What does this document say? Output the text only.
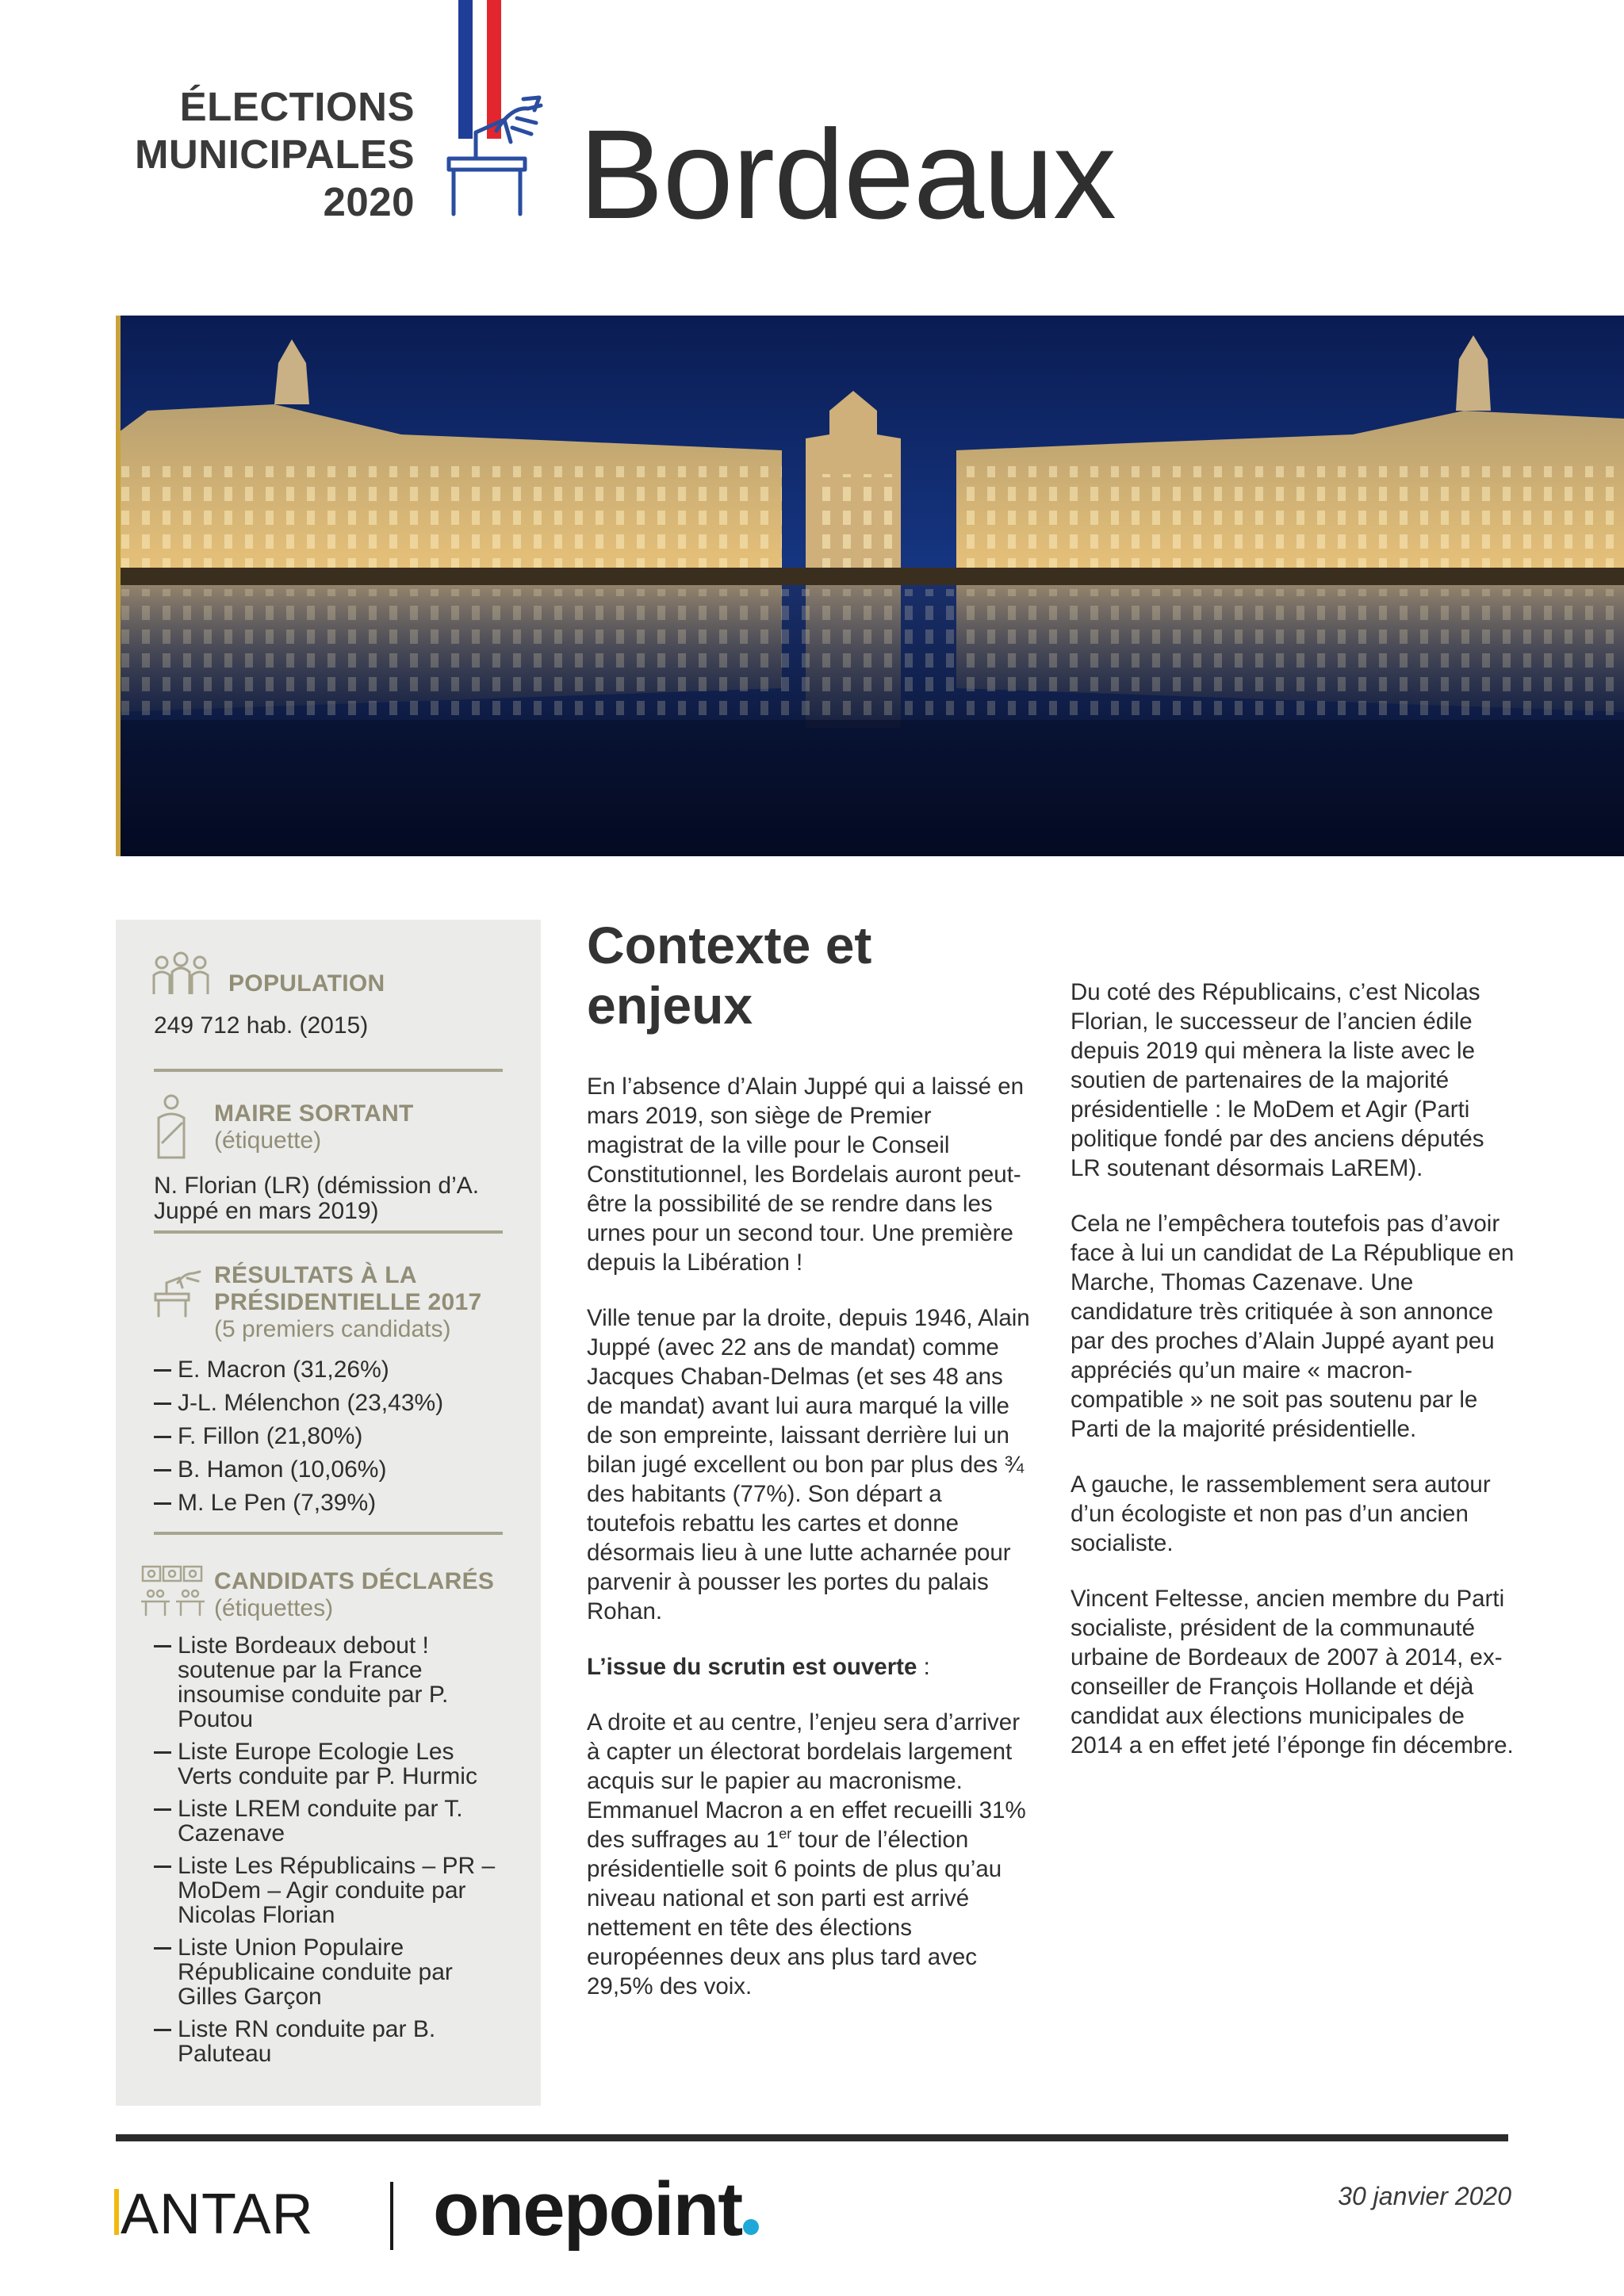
ÉLECTIONS
MUNICIPALES
2020 Bordeaux
POPULATION
249 712 hab. (2015)
MAIRE SORTANT
(étiquette)
N. Florian (LR) (démission d’A. Juppé en mars 2019)
RÉSULTATS À LA PRÉSIDENTIELLE 2017
(5 premiers candidats)
E. Macron (31,26%)
J-L. Mélenchon (23,43%)
F. Fillon (21,80%)
B. Hamon (10,06%)
M. Le Pen (7,39%)
CANDIDATS DÉCLARÉS
(étiquettes)
Liste Bordeaux debout ! soutenue par la France insoumise conduite par P. Poutou
Liste Europe Ecologie Les Verts conduite par P. Hurmic
Liste LREM conduite par T. Cazenave
Liste Les Républicains – PR – MoDem – Agir conduite par Nicolas Florian
Liste Union Populaire Républicaine conduite par Gilles Garçon
Liste RN conduite par B. Paluteau
Contexte et enjeux

En l’absence d’Alain Juppé qui a laissé en mars 2019, son siège de Premier magistrat de la ville pour le Conseil Constitutionnel, les Bordelais auront peut-être la possibilité de se rendre dans les urnes pour un second tour. Une première depuis la Libération !

Ville tenue par la droite, depuis 1946, Alain Juppé (avec 22 ans de mandat) comme Jacques Chaban-Delmas (et ses 48 ans de mandat) avant lui aura marqué la ville de son empreinte, laissant derrière lui un bilan jugé excellent ou bon par plus des ¾ des habitants (77%). Son départ a toutefois rebattu les cartes et donne désormais lieu à une lutte acharnée pour parvenir à pousser les portes du palais Rohan.

L’issue du scrutin est ouverte :

A droite et au centre, l’enjeu sera d’arriver à capter un électorat bordelais largement acquis sur le papier au macronisme. Emmanuel Macron a en effet recueilli 31% des suffrages au 1er tour de l’élection présidentielle soit 6 points de plus qu’au niveau national et son parti est arrivé nettement en tête des élections européennes deux ans plus tard avec 29,5% des voix.

Du coté des Républicains, c’est Nicolas Florian, le successeur de l’ancien édile depuis 2019 qui mènera la liste avec le soutien de partenaires de la majorité présidentielle : le MoDem et Agir (Parti politique fondé par des anciens députés LR soutenant désormais LaREM).

Cela ne l’empêchera toutefois pas d’avoir face à lui un candidat de La République en Marche, Thomas Cazenave. Une candidature très critiquée à son annonce par des proches d’Alain Juppé ayant peu appréciés qu’un maire « macron-compatible » ne soit pas soutenu par le Parti de la majorité présidentielle.

A gauche, le rassemblement sera autour d’un écologiste et non pas d’un ancien socialiste.

Vincent Feltesse, ancien membre du Parti socialiste, président de la communauté urbaine de Bordeaux de 2007 à 2014, ex-conseiller de François Hollande et déjà candidat aux élections municipales de 2014 a en effet jeté l’éponge fin décembre.

ANTAR onepoint	30 janvier 2020
